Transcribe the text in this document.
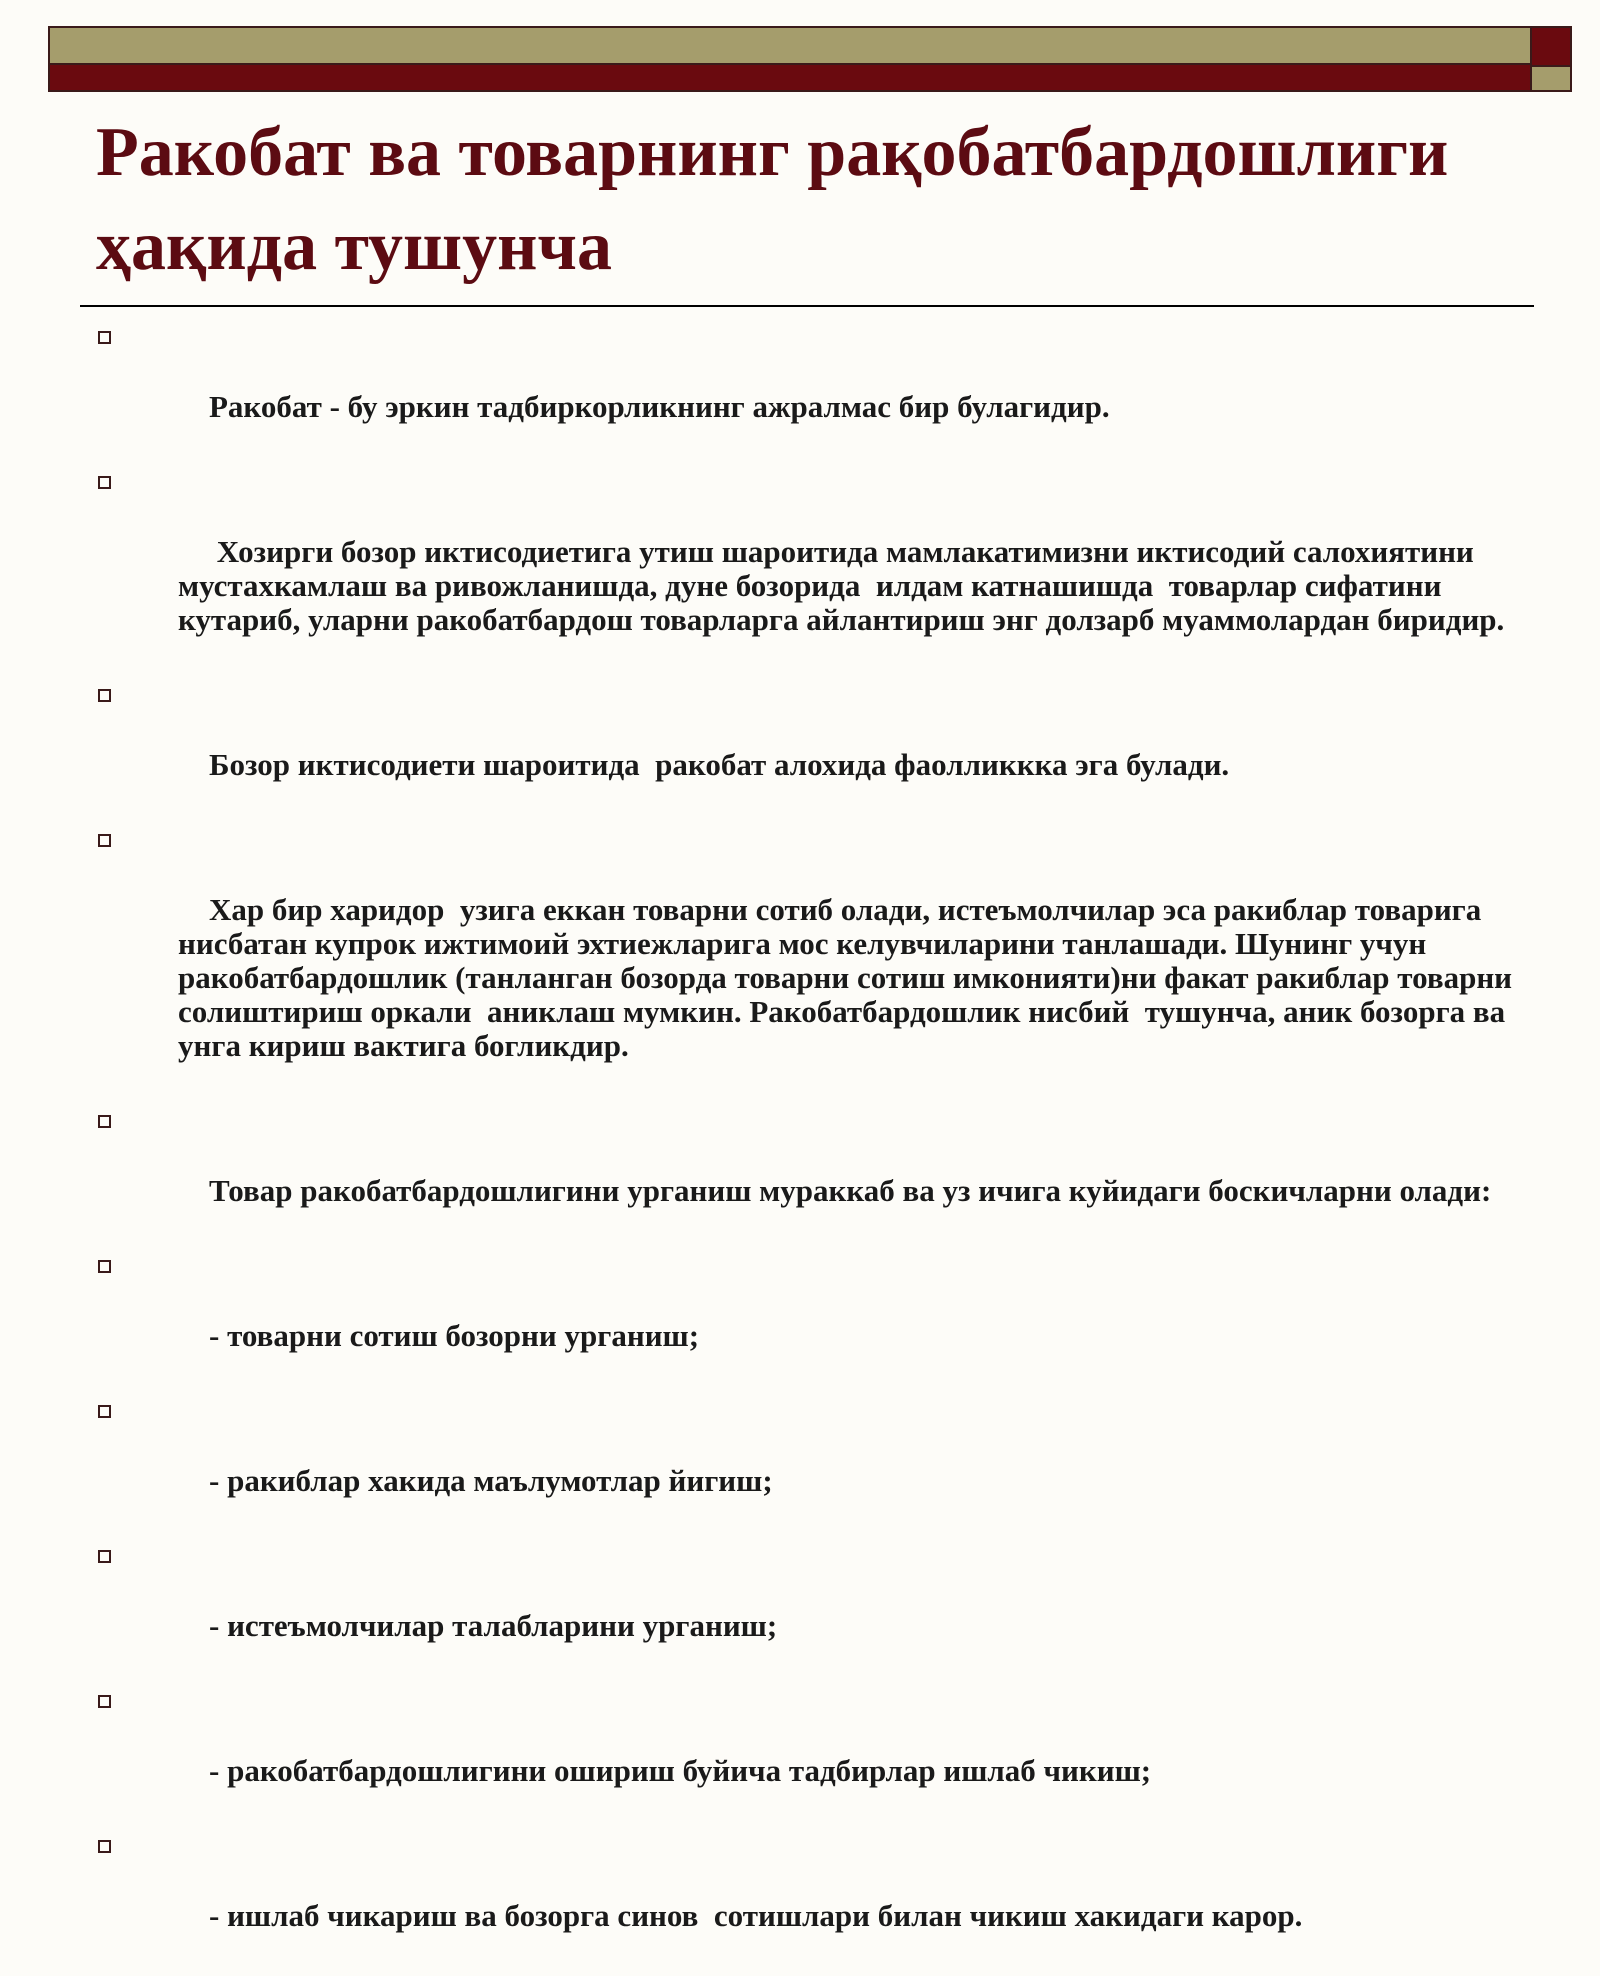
Ракобат ва товарнинг рақобатбардошлиги ҳақида тушунча

Ракобат - бу эркин тадбиркорликнинг ажралмас бир булагидир.

Хозирги бозор иктисодиетига утиш шароитида мамлакатимизни иктисодий салохиятини мустахкамлаш ва ривожланишда, дуне бозорида  илдам катнашишда  товарлар сифатини кутариб, уларни ракобатбардош товарларга айлантириш энг долзарб муаммолардан биридир.

Бозор иктисодиети шароитида  ракобат алохида фаолликкка эга булади.

Хар бир харидор  узига еккан товарни сотиб олади, истеъмолчилар эса ракиблар товарига нисбатан купрок ижтимоий эхтиежларига мос келувчиларини танлашади. Шунинг учун ракобатбардошлик (танланган бозорда товарни сотиш имконияти)ни факат ракиблар товарни солиштириш оркали  аниклаш мумкин. Ракобатбардошлик нисбий  тушунча, аник бозорга ва унга кириш вактига богликдир.

Товар ракобатбардошлигини урганиш мураккаб ва уз ичига куйидаги боскичларни олади:

- товарни сотиш бозорни урганиш;

- ракиблар хакида маълумотлар йигиш;

- истеъмолчилар талабларини урганиш;

- ракобатбардошлигини ошириш буйича тадбирлар ишлаб чикиш;

- ишлаб чикариш ва бозорга синов  сотишлари билан чикиш хакидаги карор.
